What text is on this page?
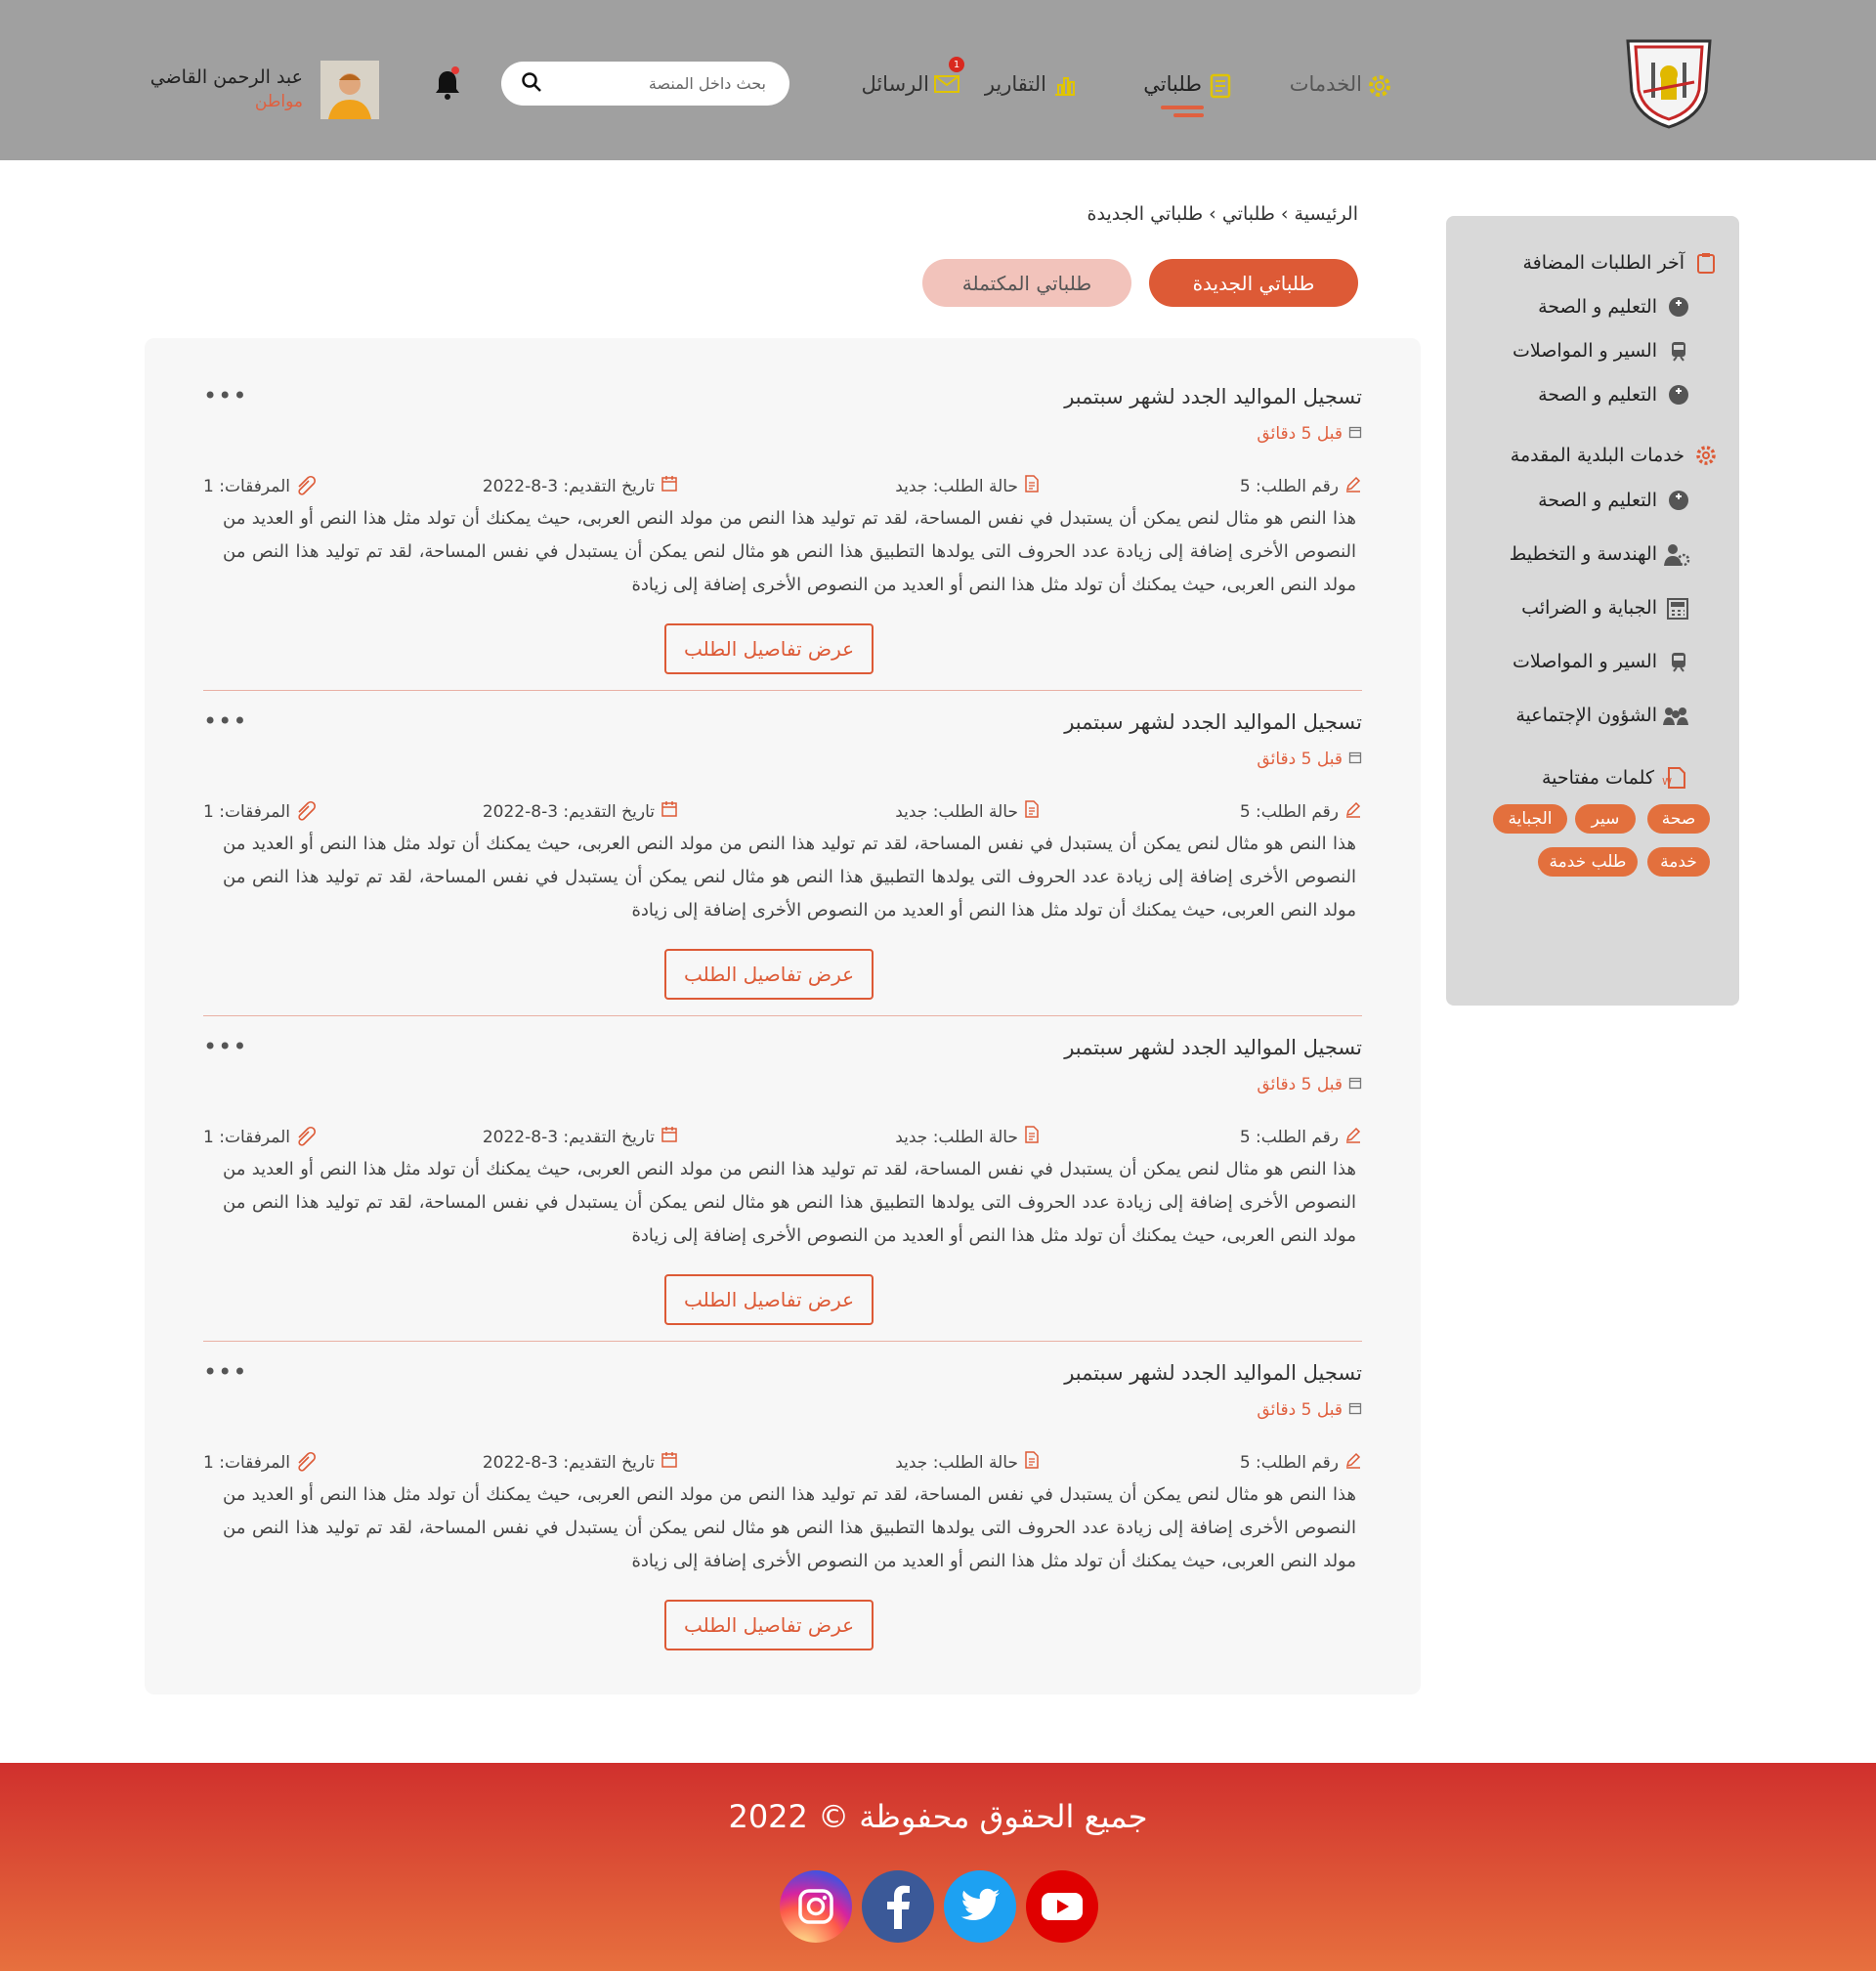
الخدمات
طلباتي
التقارير
الرسائل
1
بحث داخل المنصة
عبد الرحمن القاضي
مواطن
آخر الطلبات المضافة
التعليم و الصحة
السير و المواصلات
التعليم و الصحة
خدمات البلدية المقدمة
التعليم و الصحة
الهندسة و التخطيط
الجباية و الضرائب
السير و المواصلات
الشؤون الإجتماعية
W
كلمات مفتاحية
صحة
سير
الجباية
خدمة
طلب خدمة
الرئيسية › طلباتي › طلباتي الجديدة
طلباتي الجديدة
طلباتي المكتملة
تسجيل المواليد الجدد لشهر سبتمبر
•••
قبل 5 دقائق
رقم الطلب: 5
حالة الطلب: جديد
تاريخ التقديم: 3-8-2022
المرفقات: 1
هذا النص هو مثال لنص يمكن أن يستبدل في نفس المساحة، لقد تم توليد هذا النص من مولد النص العربى، حيث يمكنك أن تولد مثل هذا النص أو العديد من النصوص الأخرى إضافة إلى زيادة عدد الحروف التى يولدها التطبيق هذا النص هو مثال لنص يمكن أن يستبدل في نفس المساحة، لقد تم توليد هذا النص من مولد النص العربى، حيث يمكنك أن تولد مثل هذا النص أو العديد من النصوص الأخرى إضافة إلى زيادة
عرض تفاصيل الطلب
تسجيل المواليد الجدد لشهر سبتمبر
•••
قبل 5 دقائق
رقم الطلب: 5
حالة الطلب: جديد
تاريخ التقديم: 3-8-2022
المرفقات: 1
هذا النص هو مثال لنص يمكن أن يستبدل في نفس المساحة، لقد تم توليد هذا النص من مولد النص العربى، حيث يمكنك أن تولد مثل هذا النص أو العديد من النصوص الأخرى إضافة إلى زيادة عدد الحروف التى يولدها التطبيق هذا النص هو مثال لنص يمكن أن يستبدل في نفس المساحة، لقد تم توليد هذا النص من مولد النص العربى، حيث يمكنك أن تولد مثل هذا النص أو العديد من النصوص الأخرى إضافة إلى زيادة
عرض تفاصيل الطلب
تسجيل المواليد الجدد لشهر سبتمبر
•••
قبل 5 دقائق
رقم الطلب: 5
حالة الطلب: جديد
تاريخ التقديم: 3-8-2022
المرفقات: 1
هذا النص هو مثال لنص يمكن أن يستبدل في نفس المساحة، لقد تم توليد هذا النص من مولد النص العربى، حيث يمكنك أن تولد مثل هذا النص أو العديد من النصوص الأخرى إضافة إلى زيادة عدد الحروف التى يولدها التطبيق هذا النص هو مثال لنص يمكن أن يستبدل في نفس المساحة، لقد تم توليد هذا النص من مولد النص العربى، حيث يمكنك أن تولد مثل هذا النص أو العديد من النصوص الأخرى إضافة إلى زيادة
عرض تفاصيل الطلب
تسجيل المواليد الجدد لشهر سبتمبر
•••
قبل 5 دقائق
رقم الطلب: 5
حالة الطلب: جديد
تاريخ التقديم: 3-8-2022
المرفقات: 1
هذا النص هو مثال لنص يمكن أن يستبدل في نفس المساحة، لقد تم توليد هذا النص من مولد النص العربى، حيث يمكنك أن تولد مثل هذا النص أو العديد من النصوص الأخرى إضافة إلى زيادة عدد الحروف التى يولدها التطبيق هذا النص هو مثال لنص يمكن أن يستبدل في نفس المساحة، لقد تم توليد هذا النص من مولد النص العربى، حيث يمكنك أن تولد مثل هذا النص أو العديد من النصوص الأخرى إضافة إلى زيادة
عرض تفاصيل الطلب
جميع الحقوق محفوظة © 2022
